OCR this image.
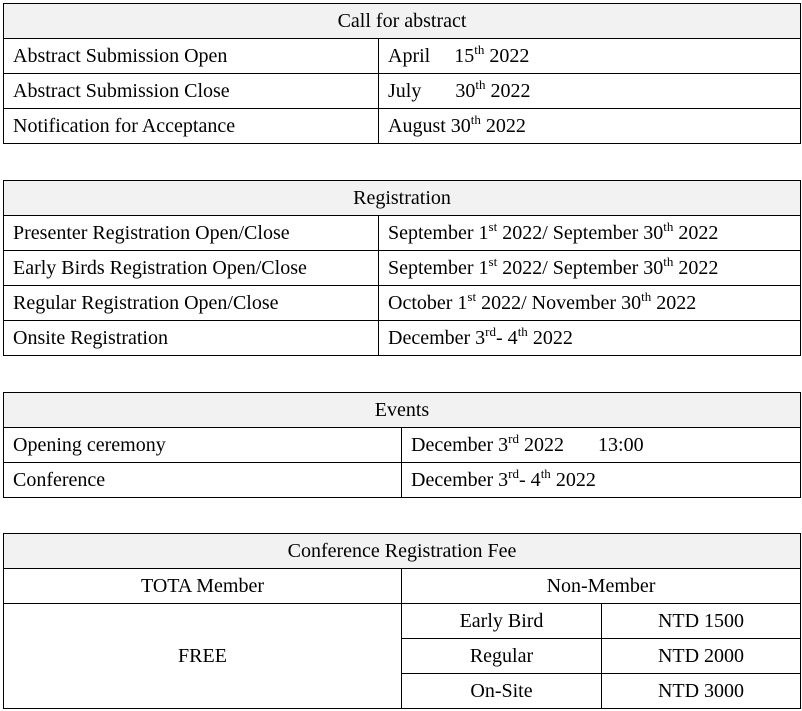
Call for abstract	
Abstract Submission Open	April 15th 2022
Abstract Submission Close	July 30th 2022
Notification for Acceptance	August 30th 2022
Registration	
Presenter Registration Open/Close	September 1st 2022/ September 30th 2022
Early Birds Registration Open/Close	September 1st 2022/ September 30th 2022
Regular Registration Open/Close	October 1st 2022/ November 30th 2022
Onsite Registration	December 3rd- 4th 2022
Events	
Opening ceremony	December 3rd 2022 13:00
Conference	December 3rd- 4th 2022
Conference Registration Fee		
TOTA Member	Non-Member	
FREE	Early Bird	NTD 1500
	Regular	NTD 2000
	On-Site	NTD 3000
